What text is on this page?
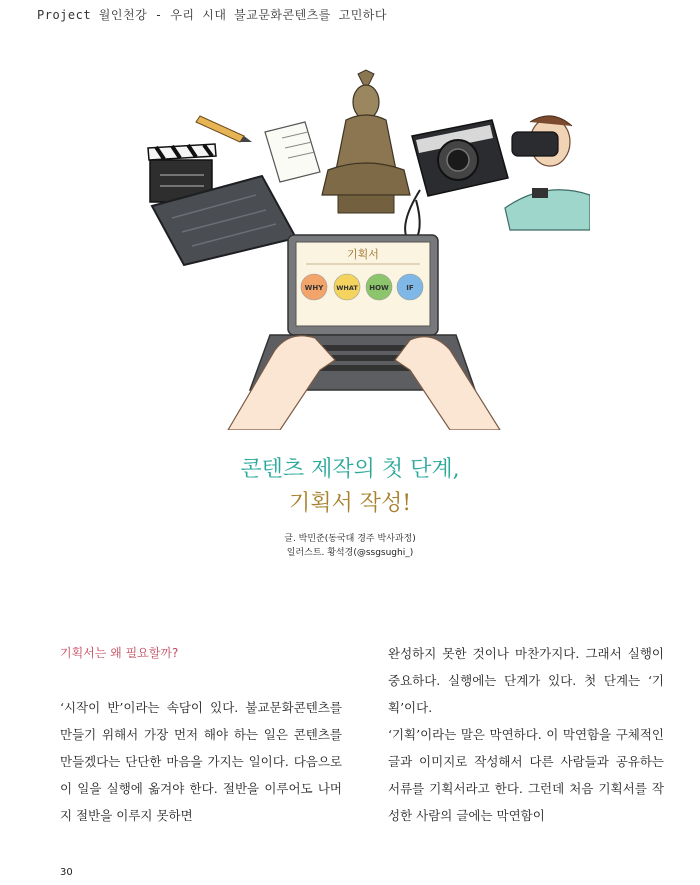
Project 월인천강 - 우리 시대 불교문화콘텐츠를 고민하다
기획서
WHY WHAT HOW	IF
콘텐츠 제작의 첫 단계,
기획서 작성!
글. 박민준(동국대 경주 박사과정)
일러스트. 황석경(@ssgsughi_)

기획서는 왜 필요할까?

‘시작이 반’이라는 속담이 있다. 불교문화콘텐츠를 만들기 위해서 가장 먼저 해야 하는 일은 콘텐츠를 만들겠다는 단단한 마음을 가지는 일이다. 다음으로 이 일을 실행에 옮겨야 한다. 절반을 이루어도 나머지 절반을 이루지 못하면

완성하지 못한 것이나 마찬가지다. 그래서 실행이 중요하다. 실행에는 단계가 있다. 첫 단계는 ‘기획’이다.

‘기획’이라는 말은 막연하다. 이 막연함을 구체적인 글과 이미지로 작성해서 다른 사람들과 공유하는 서류를 기획서라고 한다. 그런데 처음 기획서를 작성한 사람의 글에는 막연함이

30
